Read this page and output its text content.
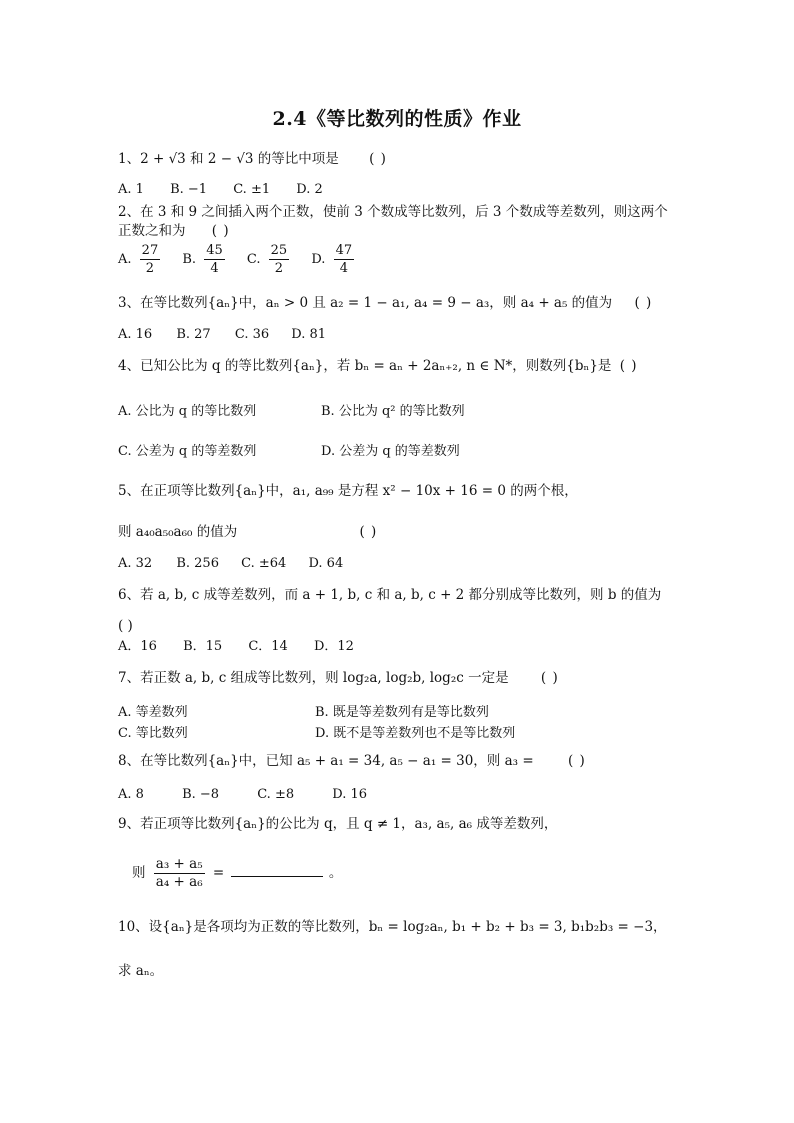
2.4《等比数列的性质》作业
1、2 + √3 和 2 − √3 的等比中项是 ( )
A. 1 B. −1 C. ±1 D. 2
2、在 3 和 9 之间插入两个正数，使前 3 个数成等比数列，后 3 个数成等差数列，则这两个
正数之和为 ( )
A. $\frac{27}{2} B$. $\frac{45}{4} C$. $\frac{25}{2} D$. $\frac{47}{4}$
3、在等比数列{aₙ}中，aₙ > 0 且 a₂ = 1 − a₁, a₄ = 9 − a₃，则 a₄ + a₅ 的值为 ( )
A. 16 B. 27 C. 36 D. 81
4、已知公比为 q 的等比数列{aₙ}，若 bₙ = aₙ + 2aₙ₊₂, n ∈ N*，则数列{bₙ}是 ( )
A. 公比为 q 的等比数列	B. 公比为 q² 的等比数列
C. 公差为 q 的等差数列	D. 公差为 q 的等差数列
5、在正项等比数列{aₙ}中，a₁, a₉₉ 是方程 x² − 10x + 16 = 0 的两个根，
则 a₄₀a₅₀a₆₀ 的值为	( )
A. 32 B. 256 C. ±64 D. 64
6、若 a, b, c 成等差数列，而 a + 1, b, c 和 a, b, c + 2 都分别成等比数列，则 b 的值为
( )
A．16 B．15 C．14 D．12
7、若正数 a, b, c 组成等比数列，则 log₂a, log₂b, log₂c 一定是 ( )
A. 等差数列	B. 既是等差数列有是等比数列
C. 等比数列	D. 既不是等差数列也不是等比数列
8、在等比数列{aₙ}中，已知 a₅ + a₁ = 34, a₅ − a₁ = 30，则 a₃ =	( )
A. 8	B. −8	C. ±8	D. 16
9、若正项等比数列{aₙ}的公比为 q，且 q ≠ 1，a₃, a₅, a₆ 成等差数列，
则 $\frac{\text{a₃ + a₅}}{\text{a₄ + a₆}}$ =	。
10、设{aₙ}是各项均为正数的等比数列，bₙ = log₂aₙ, b₁ + b₂ + b₃ = 3, b₁b₂b₃ = −3，
求 aₙ。
